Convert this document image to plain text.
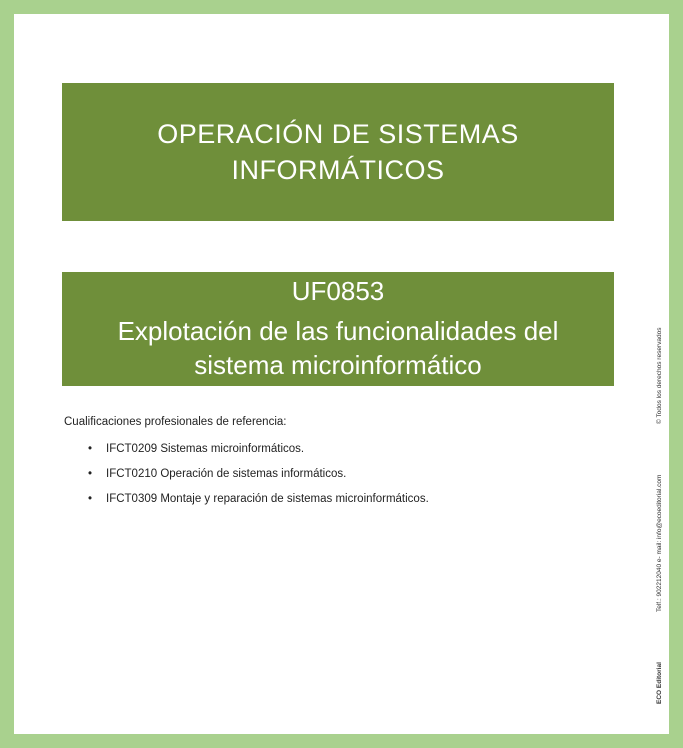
OPERACIÓN DE SISTEMAS
INFORMÁTICOS
UF0853
Explotación de las funcionalidades del
sistema microinformático
Cualificaciones profesionales de referencia:
• IFCT0209 Sistemas microinformáticos.
• IFCT0210 Operación de sistemas informáticos.
• IFCT0309 Montaje y reparación de sistemas microinformáticos.
© Todos los derechos reservados
Telf.: 902212040 e- mail: info@ecoeditorial.com
ECO Editorial
